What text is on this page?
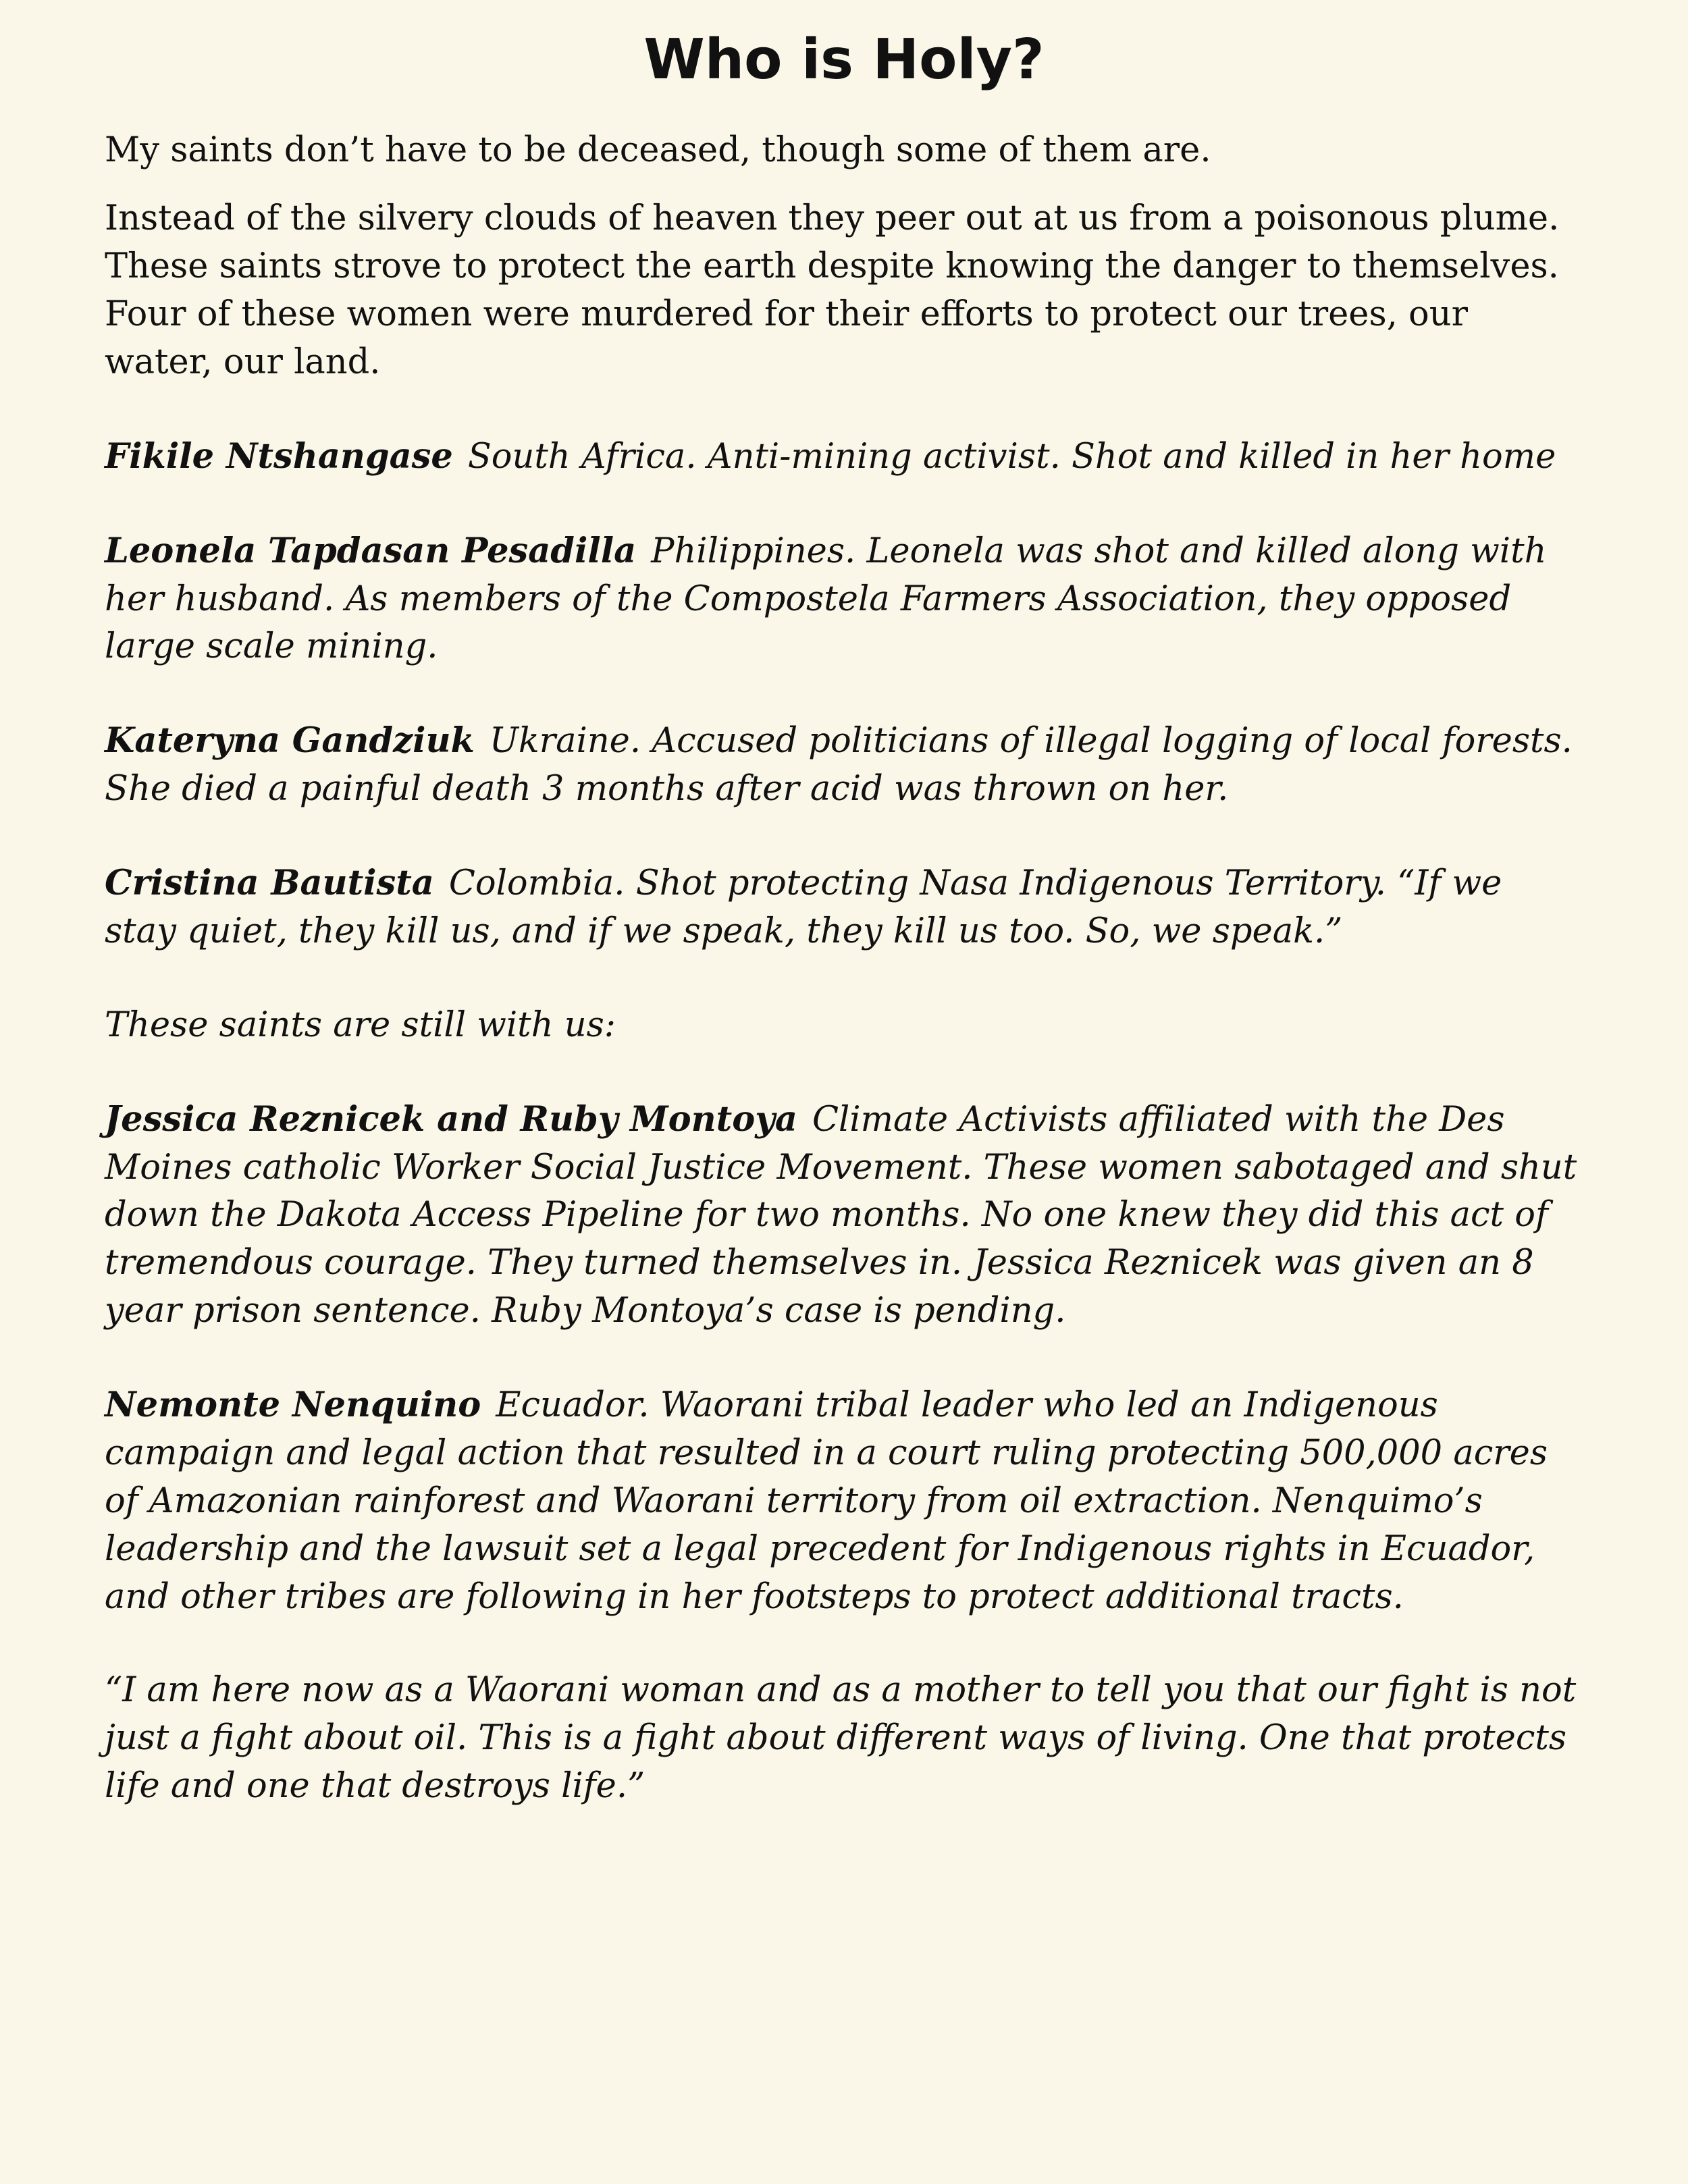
Who is Holy?

My saints don’t have to be deceased, though some of them are.

Instead of the silvery clouds of heaven they peer out at us from a poisonous plume.
These saints strove to protect the earth despite knowing the danger to themselves. Four of these women were murdered for their efforts to protect our trees, our water, our land.

Fikile Ntshangase South Africa. Anti-mining activist. Shot and killed in her home

Leonela Tapdasan Pesadilla Philippines. Leonela was shot and killed along with her husband. As members of the Compostela Farmers Association, they opposed large scale mining.

Kateryna Gandziuk Ukraine. Accused politicians of illegal logging of local forests. She died a painful death 3 months after acid was thrown on her.

Cristina Bautista Colombia. Shot protecting Nasa Indigenous Territory. “If we stay quiet, they kill us, and if we speak, they kill us too. So, we speak.”

These saints are still with us:

Jessica Reznicek and Ruby Montoya Climate Activists affiliated with the Des Moines catholic Worker Social Justice Movement. These women sabotaged and shut down the Dakota Access Pipeline for two months. No one knew they did this act of tremendous courage. They turned themselves in. Jessica Reznicek was given an 8 year prison sentence. Ruby Montoya’s case is pending.

Nemonte Nenquino Ecuador. Waorani tribal leader who led an Indigenous campaign and legal action that resulted in a court ruling protecting 500,000 acres of Amazonian rainforest and Waorani territory from oil extraction. Nenquimo’s leadership and the lawsuit set a legal precedent for Indigenous rights in Ecuador, and other tribes are following in her footsteps to protect additional tracts.

“I am here now as a Waorani woman and as a mother to tell you that our fight is not just a fight about oil. This is a fight about different ways of living. One that protects life and one that destroys life.”
